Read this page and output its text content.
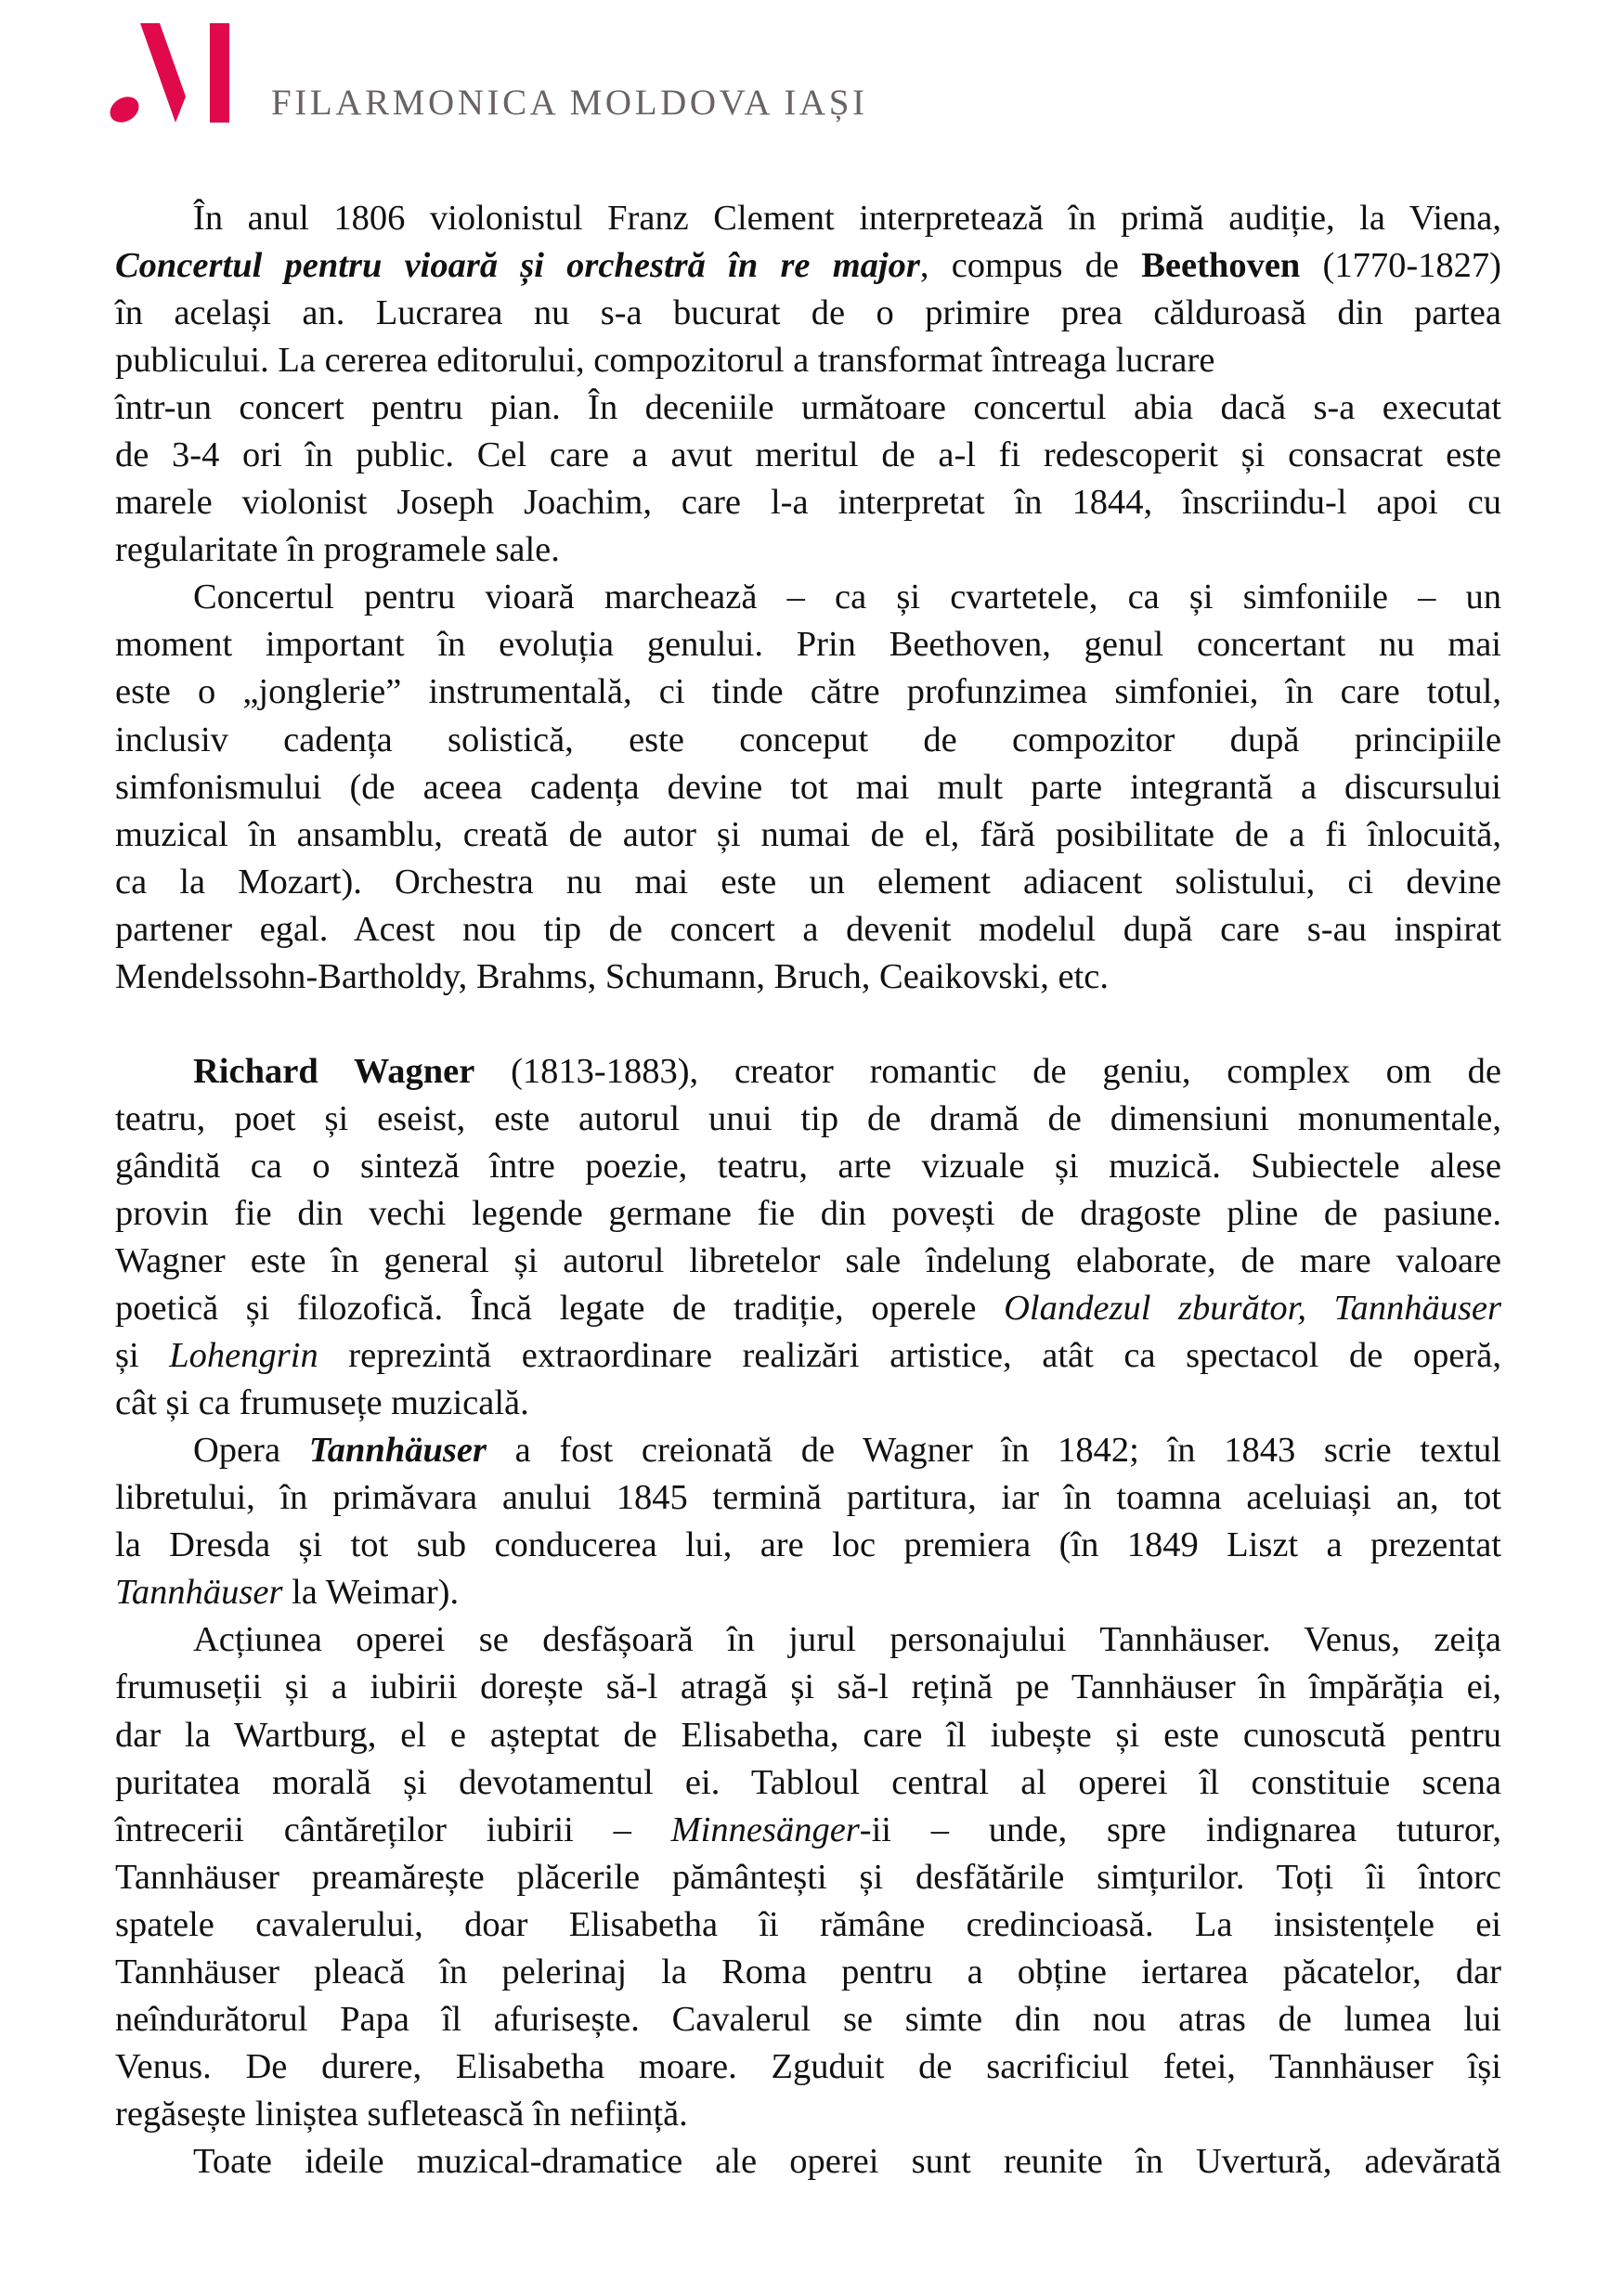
FILARMONICA MOLDOVA IAȘI
În anul 1806 violonistul Franz Clement interpretează în primă audiție, la Viena,
Concertul pentru vioară și orchestră în re major, compus de Beethoven (1770-1827)
în același an. Lucrarea nu s-a bucurat de o primire prea călduroasă din partea
publicului. La cererea editorului, compozitorul a transformat întreaga lucrare
într-un concert pentru pian. În deceniile următoare concertul abia dacă s-a executat
de 3-4 ori în public. Cel care a avut meritul de a-l fi redescoperit și consacrat este
marele violonist Joseph Joachim, care l-a interpretat în 1844, înscriindu-l apoi cu
regularitate în programele sale.
Concertul pentru vioară marchează – ca și cvartetele, ca și simfoniile – un
moment important în evoluția genului. Prin Beethoven, genul concertant nu mai
este o „jonglerie” instrumentală, ci tinde către profunzimea simfoniei, în care totul,
inclusiv cadența solistică, este conceput de compozitor după principiile
simfonismului (de aceea cadența devine tot mai mult parte integrantă a discursului
muzical în ansamblu, creată de autor și numai de el, fără posibilitate de a fi înlocuită,
ca la Mozart). Orchestra nu mai este un element adiacent solistului, ci devine
partener egal. Acest nou tip de concert a devenit modelul după care s-au inspirat
Mendelssohn-Bartholdy, Brahms, Schumann, Bruch, Ceaikovski, etc.
Richard Wagner (1813-1883), creator romantic de geniu, complex om de
teatru, poet și eseist, este autorul unui tip de dramă de dimensiuni monumentale,
gândită ca o sinteză între poezie, teatru, arte vizuale și muzică. Subiectele alese
provin fie din vechi legende germane fie din povești de dragoste pline de pasiune.
Wagner este în general și autorul libretelor sale îndelung elaborate, de mare valoare
poetică și filozofică. Încă legate de tradiție, operele Olandezul zburător, Tannhäuser
și Lohengrin reprezintă extraordinare realizări artistice, atât ca spectacol de operă,
cât și ca frumusețe muzicală.
Opera Tannhäuser a fost creionată de Wagner în 1842; în 1843 scrie textul
libretului, în primăvara anului 1845 termină partitura, iar în toamna aceluiași an, tot
la Dresda și tot sub conducerea lui, are loc premiera (în 1849 Liszt a prezentat
Tannhäuser la Weimar).
Acțiunea operei se desfășoară în jurul personajului Tannhäuser. Venus, zeița
frumuseții și a iubirii dorește să-l atragă și să-l rețină pe Tannhäuser în împărăția ei,
dar la Wartburg, el e așteptat de Elisabetha, care îl iubește și este cunoscută pentru
puritatea morală și devotamentul ei. Tabloul central al operei îl constituie scena
întrecerii cântăreților iubirii – Minnesänger-ii – unde, spre indignarea tuturor,
Tannhäuser preamărește plăcerile pământești și desfătările simțurilor. Toți îi întorc
spatele cavalerului, doar Elisabetha îi rămâne credincioasă. La insistențele ei
Tannhäuser pleacă în pelerinaj la Roma pentru a obține iertarea păcatelor, dar
neîndurătorul Papa îl afurisește. Cavalerul se simte din nou atras de lumea lui
Venus. De durere, Elisabetha moare. Zguduit de sacrificiul fetei, Tannhäuser își
regăsește liniștea sufletească în neființă.
Toate ideile muzical-dramatice ale operei sunt reunite în Uvertură, adevărată
